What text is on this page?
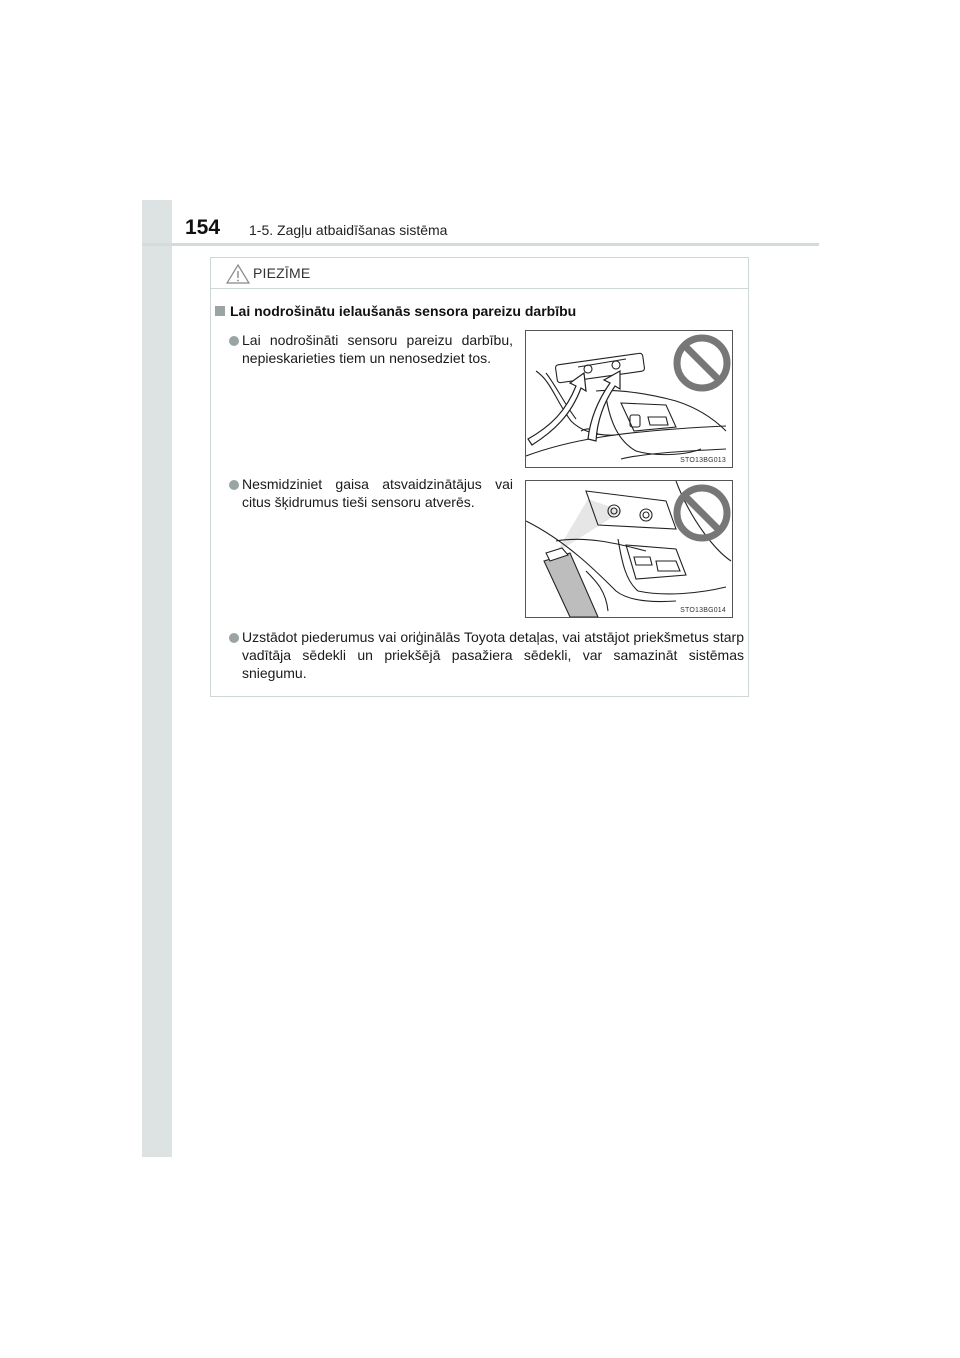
154 1-5. Zagļu atbaidīšanas sistēma
PIEZĪME
Lai nodrošinātu ielaušanās sensora pareizu darbību
Lai nodrošināti sensoru pareizu darbību, nepieskarieties tiem un nenosedziet tos.
STO13BG013
Nesmidziniet gaisa atsvaidzinātājus vai citus šķidrumus tieši sensoru atverēs.
STO13BG014
Uzstādot piederumus vai oriģinālās Toyota detaļas, vai atstājot priekšmetus starp vadītāja sēdekli un priekšējā pasažiera sēdekli, var samazināt sistēmas sniegumu.
